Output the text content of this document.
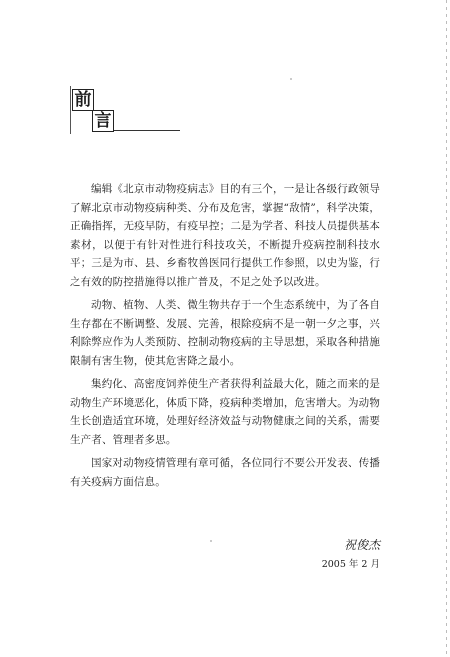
前
言

编辑《北京市动物疫病志》目的有三个，一是让各级行政领导了解北京市动物疫病种类、分布及危害，掌握“敌情”，科学决策，正确指挥，无疫早防，有疫早控；二是为学者、科技人员提供基本素材，以便于有针对性进行科技攻关，不断提升疫病控制科技水平；三是为市、县、乡畜牧兽医同行提供工作参照，以史为鉴，行之有效的防控措施得以推广普及，不足之处予以改进。

动物、植物、人类、微生物共存于一个生态系统中，为了各自生存都在不断调整、发展、完善，根除疫病不是一朝一夕之事，兴利除弊应作为人类预防、控制动物疫病的主导思想，采取各种措施限制有害生物，使其危害降之最小。

集约化、高密度饲养使生产者获得利益最大化，随之而来的是动物生产环境恶化，体质下降，疫病种类增加，危害增大。为动物生长创造适宜环境，处理好经济效益与动物健康之间的关系，需要生产者、管理者多思。

国家对动物疫情管理有章可循，各位同行不要公开发表、传播有关疫病方面信息。

祝俊杰
2005 年 2 月
